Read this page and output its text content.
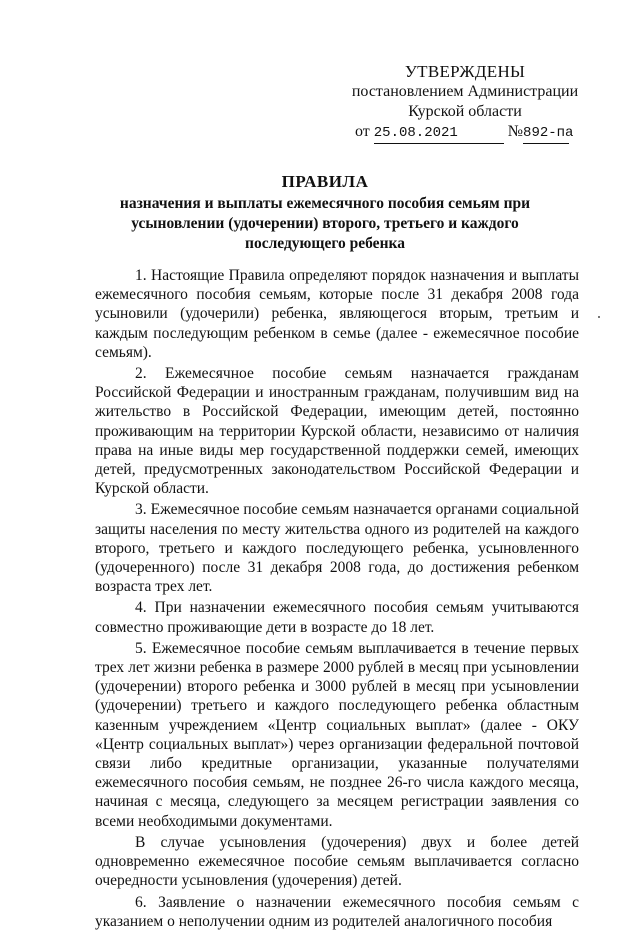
УТВЕРЖДЕНЫ
постановлением Администрации
Курской области
от 25.08.2021	№892-па
ПРАВИЛА
назначения и выплаты ежемесячного пособия семьям при усыновлении (удочерении) второго, третьего и каждого последующего ребенка

1. Настоящие Правила определяют порядок назначения и выплаты ежемесячного пособия семьям, которые после 31 декабря 2008 года усыновили (удочерили) ребенка, являющегося вторым, третьим и каждым последующим ребенком в семье (далее - ежемесячное пособие семьям).

2. Ежемесячное пособие семьям назначается гражданам Российской Федерации и иностранным гражданам, получившим вид на жительство в Российской Федерации, имеющим детей, постоянно проживающим на территории Курской области, независимо от наличия права на иные виды мер государственной поддержки семей, имеющих детей, предусмотренных законодательством Российской Федерации и Курской области.

3. Ежемесячное пособие семьям назначается органами социальной защиты населения по месту жительства одного из родителей на каждого второго, третьего и каждого последующего ребенка, усыновленного (удочеренного) после 31 декабря 2008 года, до достижения ребенком возраста трех лет.

4. При назначении ежемесячного пособия семьям учитываются совместно проживающие дети в возрасте до 18 лет.

5. Ежемесячное пособие семьям выплачивается в течение первых трех лет жизни ребенка в размере 2000 рублей в месяц при усыновлении (удочерении) второго ребенка и 3000 рублей в месяц при усыновлении (удочерении) третьего и каждого последующего ребенка областным казенным учреждением «Центр социальных выплат» (далее - ОКУ «Центр социальных выплат») через организации федеральной почтовой связи либо кредитные организации, указанные получателями ежемесячного пособия семьям, не позднее 26-го числа каждого месяца, начиная с месяца, следующего за месяцем регистрации заявления со всеми необходимыми документами.

В случае усыновления (удочерения) двух и более детей одновременно ежемесячное пособие семьям выплачивается согласно очередности усыновления (удочерения) детей.

6. Заявление о назначении ежемесячного пособия семьям с указанием о неполучении одним из родителей аналогичного пособия
